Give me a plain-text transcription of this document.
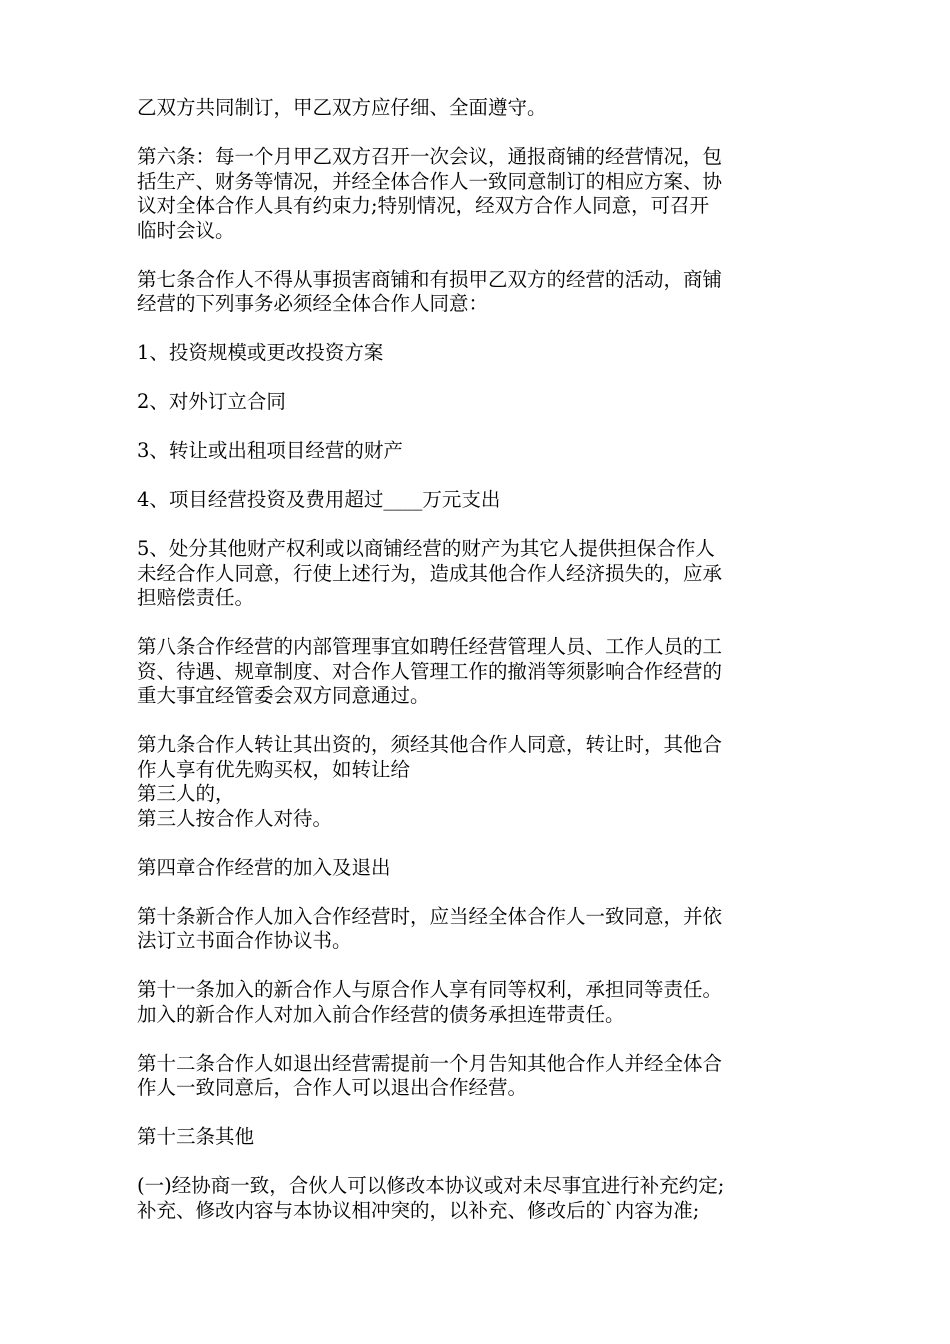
乙双方共同制订，甲乙双方应仔细、全面遵守。
第六条：每一个月甲乙双方召开一次会议，通报商铺的经营情况，包
括生产、财务等情况，并经全体合作人一致同意制订的相应方案、协
议对全体合作人具有约束力;特别情况，经双方合作人同意，可召开
临时会议。
第七条合作人不得从事损害商铺和有损甲乙双方的经营的活动，商铺
经营的下列事务必须经全体合作人同意：
1、投资规模或更改投资方案
2、对外订立合同
3、转让或出租项目经营的财产
4、项目经营投资及费用超过____万元支出
5、处分其他财产权利或以商铺经营的财产为其它人提供担保合作人
未经合作人同意，行使上述行为，造成其他合作人经济损失的，应承
担赔偿责任。
第八条合作经营的内部管理事宜如聘任经营管理人员、工作人员的工
资、待遇、规章制度、对合作人管理工作的撤消等须影响合作经营的
重大事宜经管委会双方同意通过。
第九条合作人转让其出资的，须经其他合作人同意，转让时，其他合
作人享有优先购买权，如转让给
第三人的，
第三人按合作人对待。
第四章合作经营的加入及退出
第十条新合作人加入合作经营时，应当经全体合作人一致同意，并依
法订立书面合作协议书。
第十一条加入的新合作人与原合作人享有同等权利，承担同等责任。
加入的新合作人对加入前合作经营的债务承担连带责任。
第十二条合作人如退出经营需提前一个月告知其他合作人并经全体合
作人一致同意后，合作人可以退出合作经营。
第十三条其他
(一)经协商一致，合伙人可以修改本协议或对未尽事宜进行补充约定;
补充、修改内容与本协议相冲突的，以补充、修改后的`内容为准;
